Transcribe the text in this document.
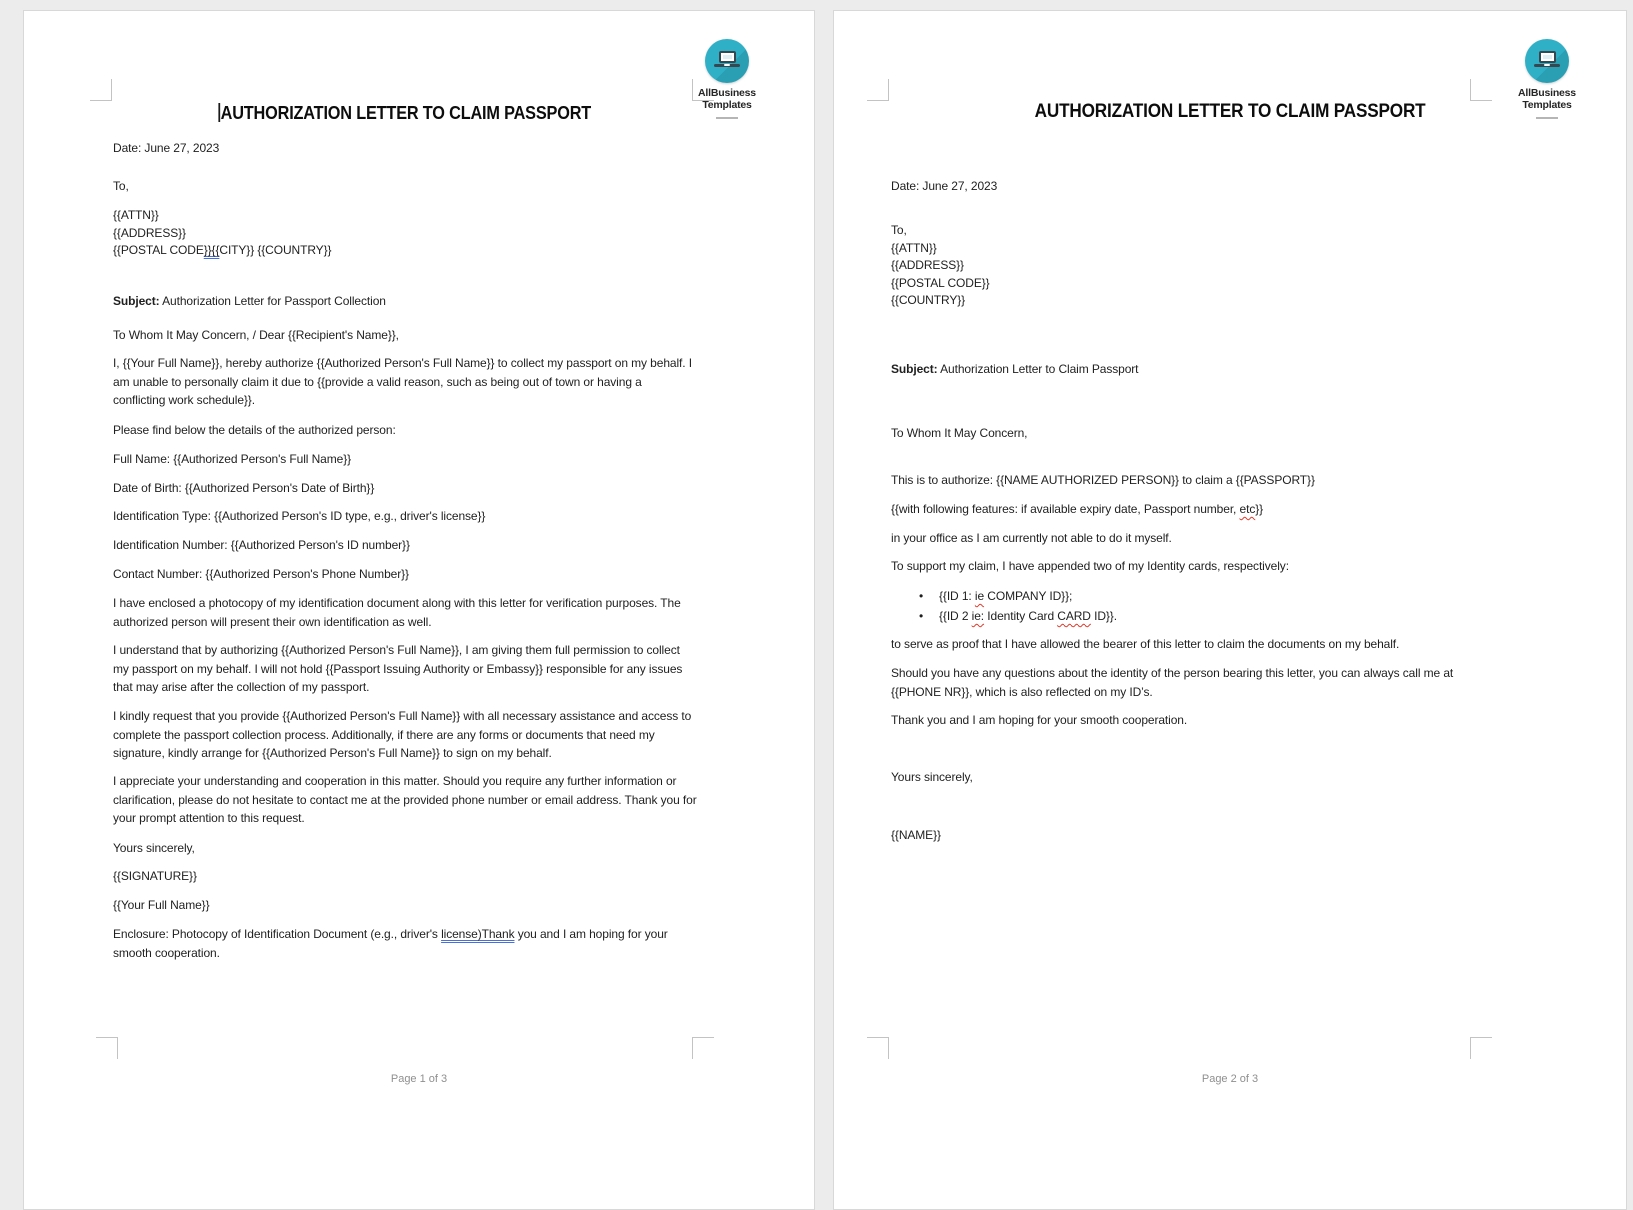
AllBusiness
Templates
AUTHORIZATION LETTER TO CLAIM PASSPORT
Date: June 27, 2023
To,
{{ATTN}}
{{ADDRESS}}
{{POSTAL CODE}}{{CITY}} {{COUNTRY}}
Subject: Authorization Letter for Passport Collection
To Whom It May Concern, / Dear {{Recipient's Name}},
I, {{Your Full Name}}, hereby authorize {{Authorized Person's Full Name}} to collect my passport on my behalf. I am unable to personally claim it due to {{provide a valid reason, such as being out of town or having a conflicting work schedule}}.
Please find below the details of the authorized person:
Full Name: {{Authorized Person's Full Name}}
Date of Birth: {{Authorized Person's Date of Birth}}
Identification Type: {{Authorized Person's ID type, e.g., driver's license}}
Identification Number: {{Authorized Person's ID number}}
Contact Number: {{Authorized Person's Phone Number}}
I have enclosed a photocopy of my identification document along with this letter for verification purposes. The authorized person will present their own identification as well.
I understand that by authorizing {{Authorized Person's Full Name}}, I am giving them full permission to collect my passport on my behalf. I will not hold {{Passport Issuing Authority or Embassy}} responsible for any issues that may arise after the collection of my passport.
I kindly request that you provide {{Authorized Person's Full Name}} with all necessary assistance and access to complete the passport collection process. Additionally, if there are any forms or documents that need my signature, kindly arrange for {{Authorized Person's Full Name}} to sign on my behalf.
I appreciate your understanding and cooperation in this matter. Should you require any further information or clarification, please do not hesitate to contact me at the provided phone number or email address. Thank you for your prompt attention to this request.
Yours sincerely,
{{SIGNATURE}}
{{Your Full Name}}
Enclosure: Photocopy of Identification Document (e.g., driver's license)Thank you and I am hoping for your smooth cooperation.
Page 1 of 3
AllBusiness
Templates
AUTHORIZATION LETTER TO CLAIM PASSPORT
Date: June 27, 2023
To,
{{ATTN}}
{{ADDRESS}}
{{POSTAL CODE}}
{{COUNTRY}}
Subject: Authorization Letter to Claim Passport
To Whom It May Concern,
This is to authorize: {{NAME AUTHORIZED PERSON}} to claim a {{PASSPORT}}
{{with following features: if available expiry date, Passport number, etc}}
in your office as I am currently not able to do it myself.
To support my claim, I have appended two of my Identity cards, respectively:
•	{{ID 1: ie COMPANY ID}};
•	{{ID 2 ie: Identity Card CARD ID}}.
to serve as proof that I have allowed the bearer of this letter to claim the documents on my behalf.
Should you have any questions about the identity of the person bearing this letter, you can always call me at {{PHONE NR}}, which is also reflected on my ID’s.
Thank you and I am hoping for your smooth cooperation.
Yours sincerely,
{{NAME}}
Page 2 of 3
